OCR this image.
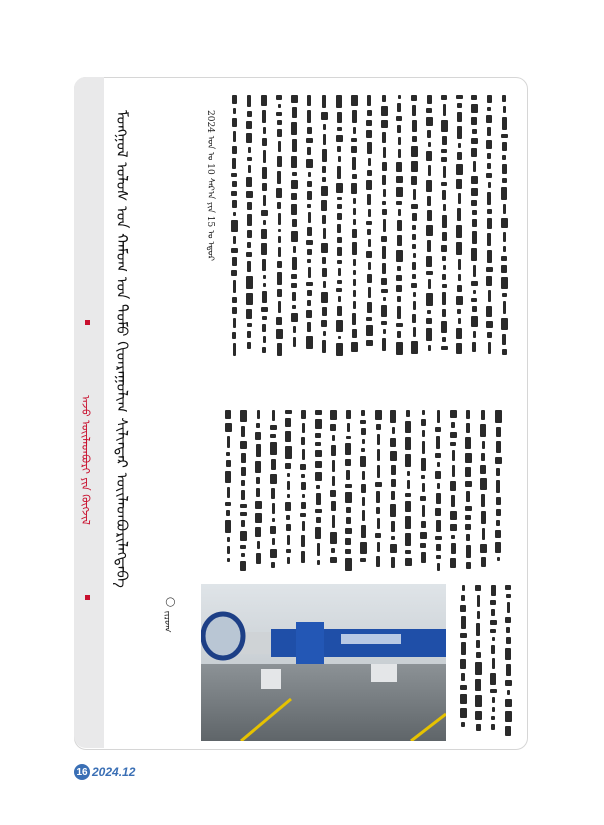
ᠠᠵᠤ ᠦᠢᠯᠡᠳᠪᠦᠷᠢ ᠶᠢᠨ ᠬᠦᠭᠵᠢᠯ	ᠮᠣᠩᠭᠣᠯ ᠤᠯᠤᠰ ᠤᠨ ᠬᠠᠮᠤᠭ ᠤᠨ ᠲᠣᠮᠣ ᠭᠢᠳᠷᠠᠭᠤᠯᠢᠭ ᠰᠢᠯᠢᠨᠳᠡᠷ ᠦᠢᠯᠡᠳᠪᠦᠷᠢᠯᠡᠭᠳᠡᠪᠡ	2024 ᠣᠨ ᠤ 10 ᠰᠠᠷ᠎ᠠ ᠶᠢᠨ 15 ᠤ ᠡᠳᠦᠷ
◯

ᠵᠢᠷᠤᠭ
16 2024.12
